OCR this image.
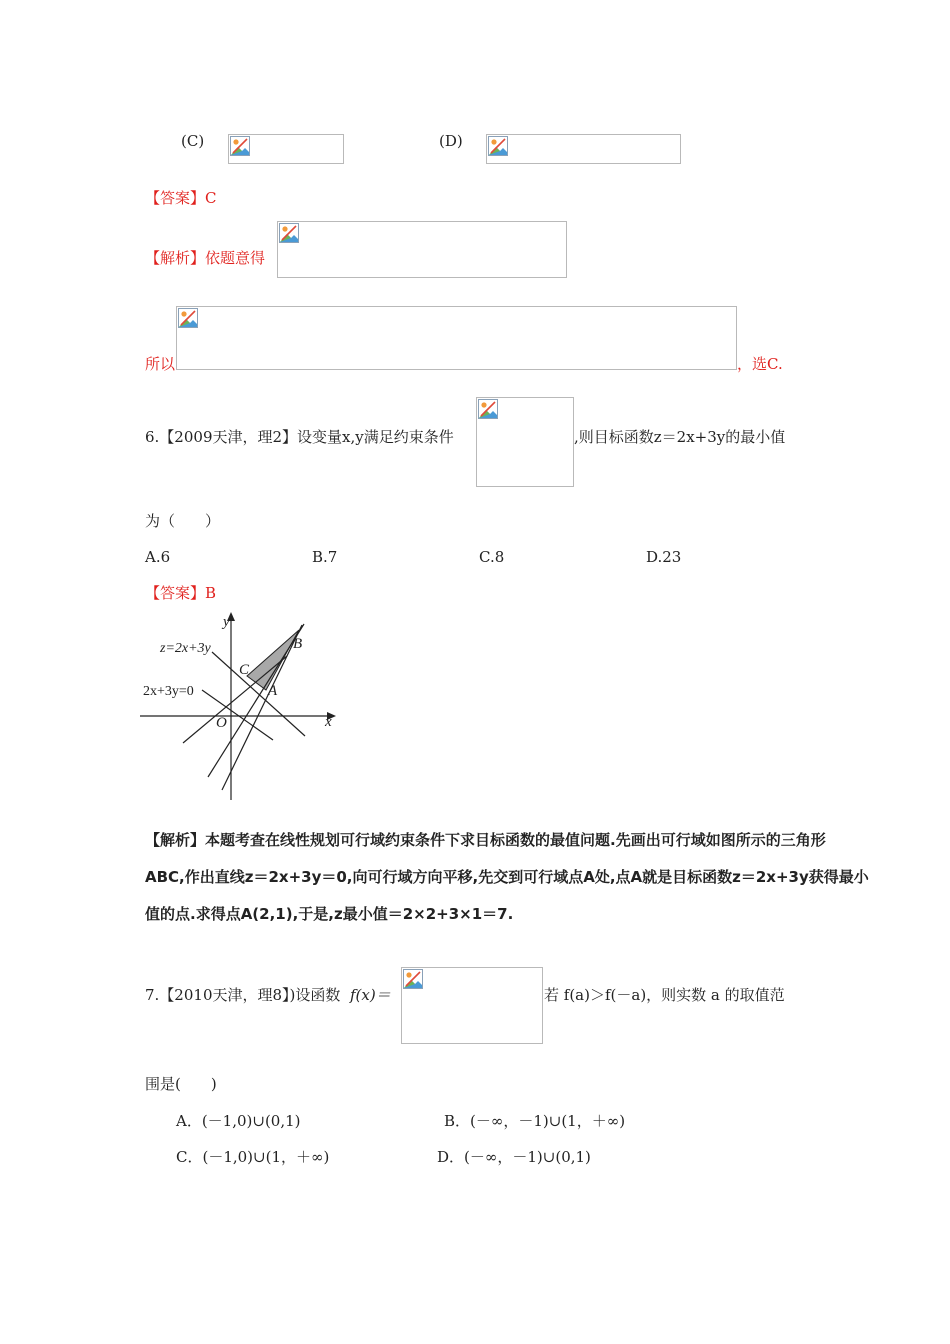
(C)	(D)
【答案】C
【解析】依题意得
所以	，选C.
6.【2009天津，理2】设变量x,y满足约束条件	,则目标函数z＝2x+3y的最小值
为（　　）
A.6	B.7	C.8	D.23
【答案】B
y
x
O
z=2x+3y
2x+3y=0
B
C
A
【解析】本题考查在线性规划可行域约束条件下求目标函数的最值问题.先画出可行域如图所示的三角形
ABC,作出直线z＝2x+3y＝0,向可行域方向平移,先交到可行域点A处,点A就是目标函数z＝2x+3y获得最小
值的点.求得点A(2,1),于是,z最小值＝2×2+3×1＝7.
7.【2010天津，理8】)设函数 f(x)＝	若 f(a)＞f(－a)，则实数 a 的取值范
围是(　　)
A．(－1,0)∪(0,1)	B．(－∞，－1)∪(1，＋∞)
C．(－1,0)∪(1，＋∞)	D．(－∞，－1)∪(0,1)
